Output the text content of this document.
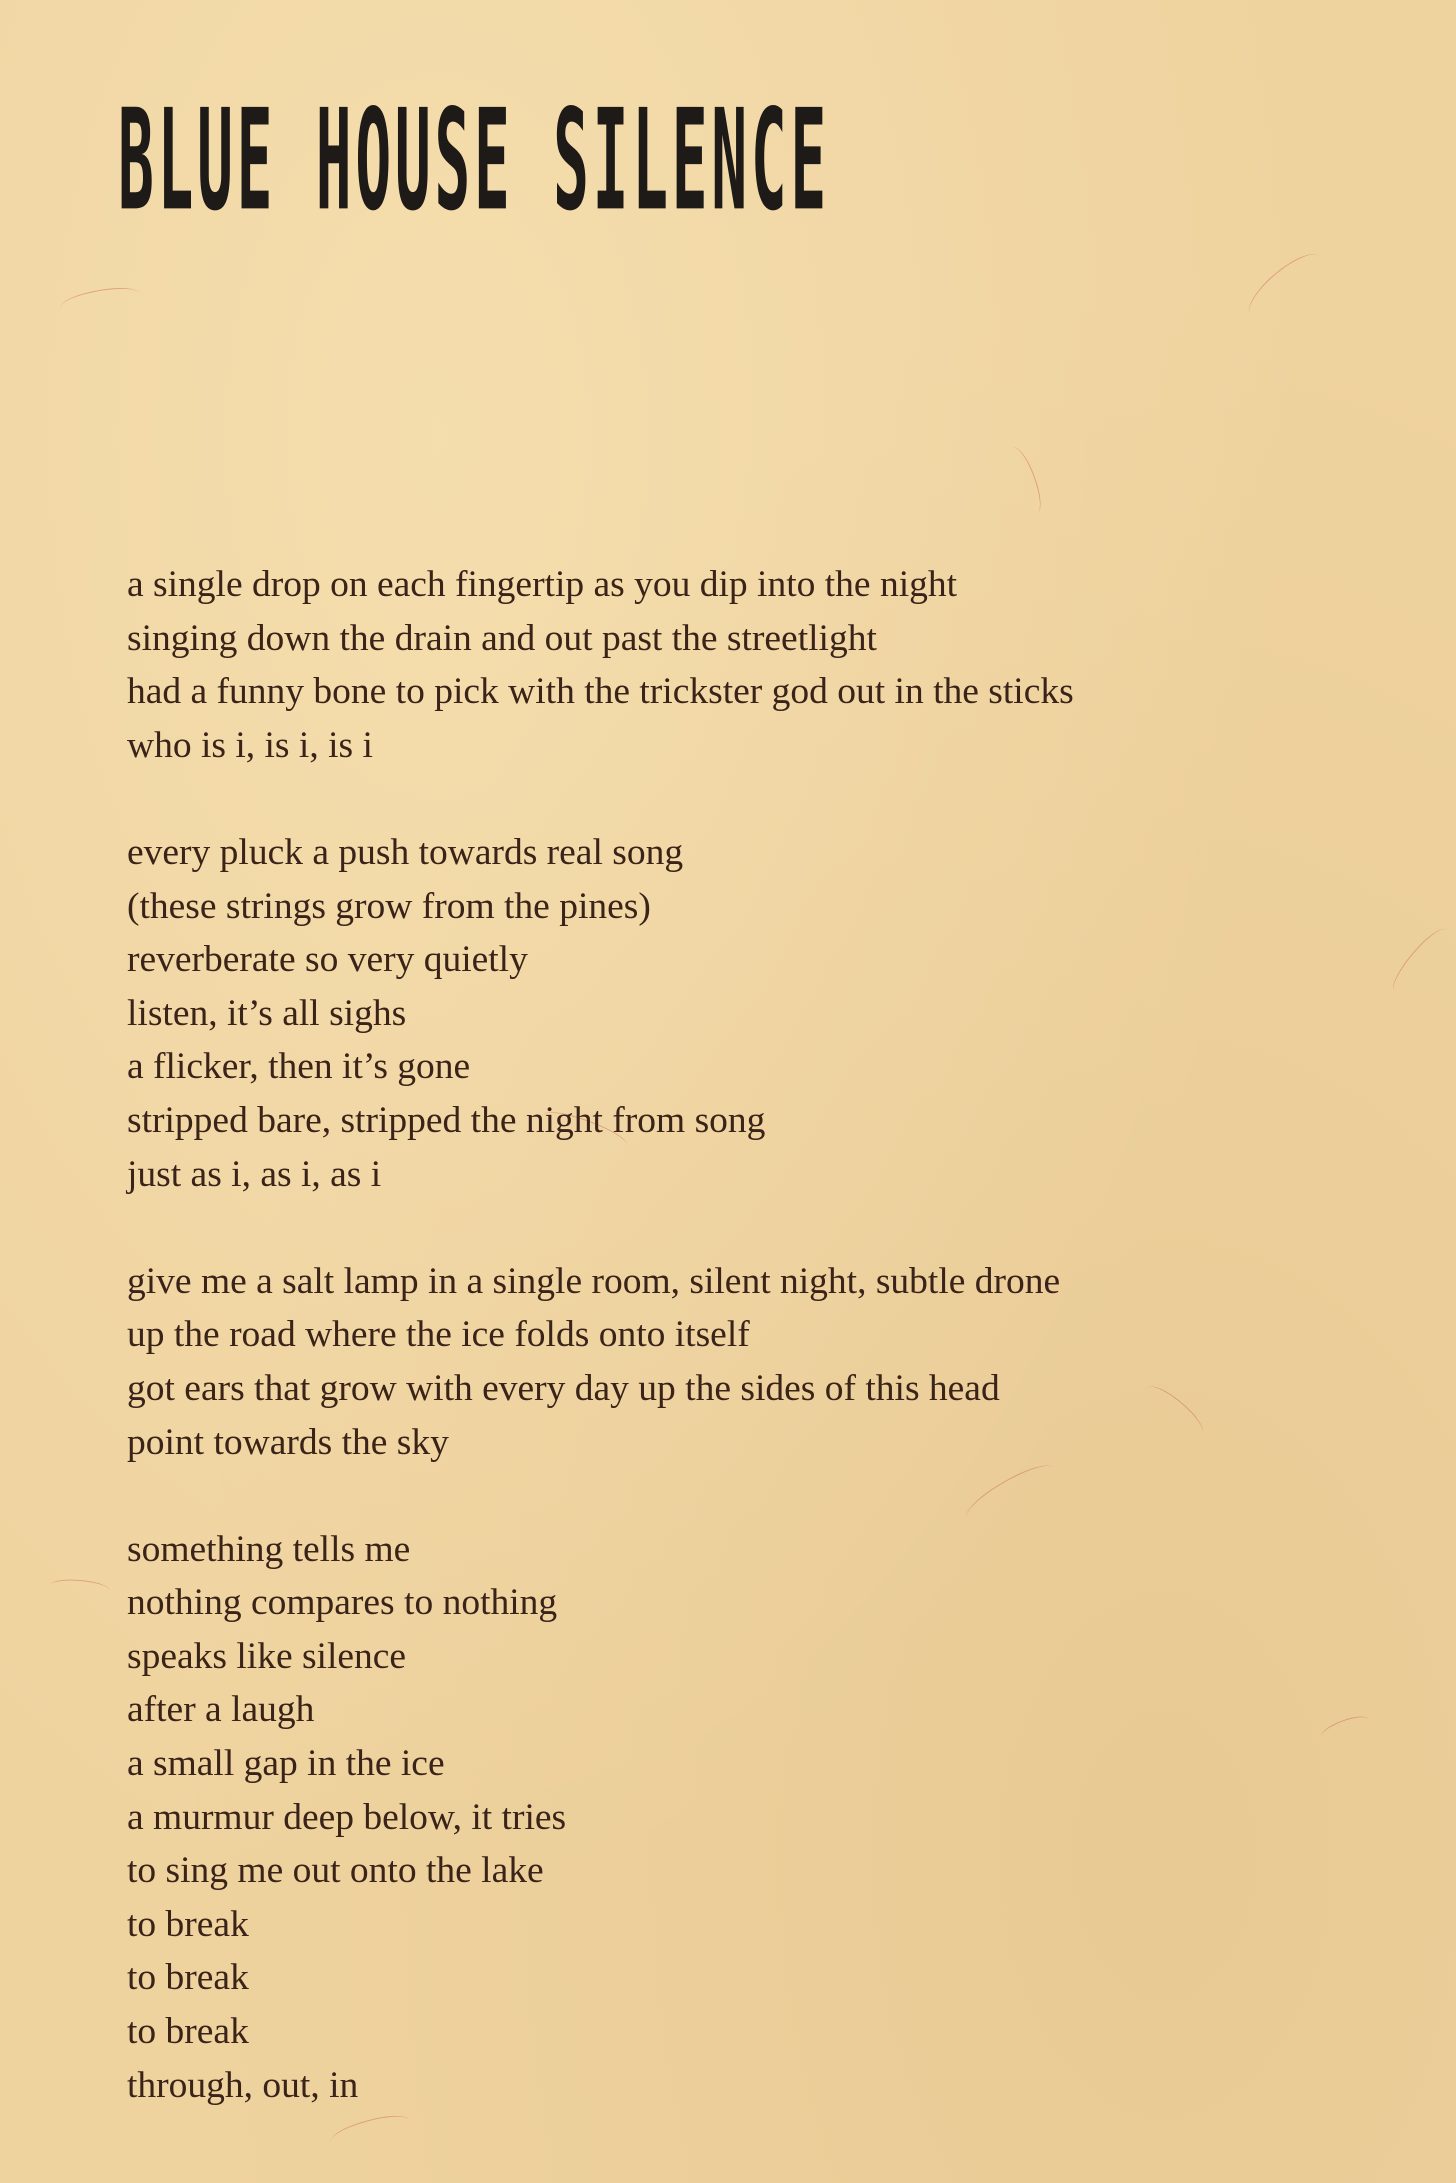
BLUE HOUSE SILENCE
a single drop on each fingertip as you dip into the night
singing down the drain and out past the streetlight
had a funny bone to pick with the trickster god out in the sticks
who is i, is i, is i
every pluck a push towards real song
(these strings grow from the pines)
reverberate so very quietly
listen, it’s all sighs
a flicker, then it’s gone
stripped bare, stripped the night from song
just as i, as i, as i
give me a salt lamp in a single room, silent night, subtle drone
up the road where the ice folds onto itself
got ears that grow with every day up the sides of this head
point towards the sky
something tells me
nothing compares to nothing
speaks like silence
after a laugh
a small gap in the ice
a murmur deep below, it tries
to sing me out onto the lake
to break
to break
to break
through, out, in
